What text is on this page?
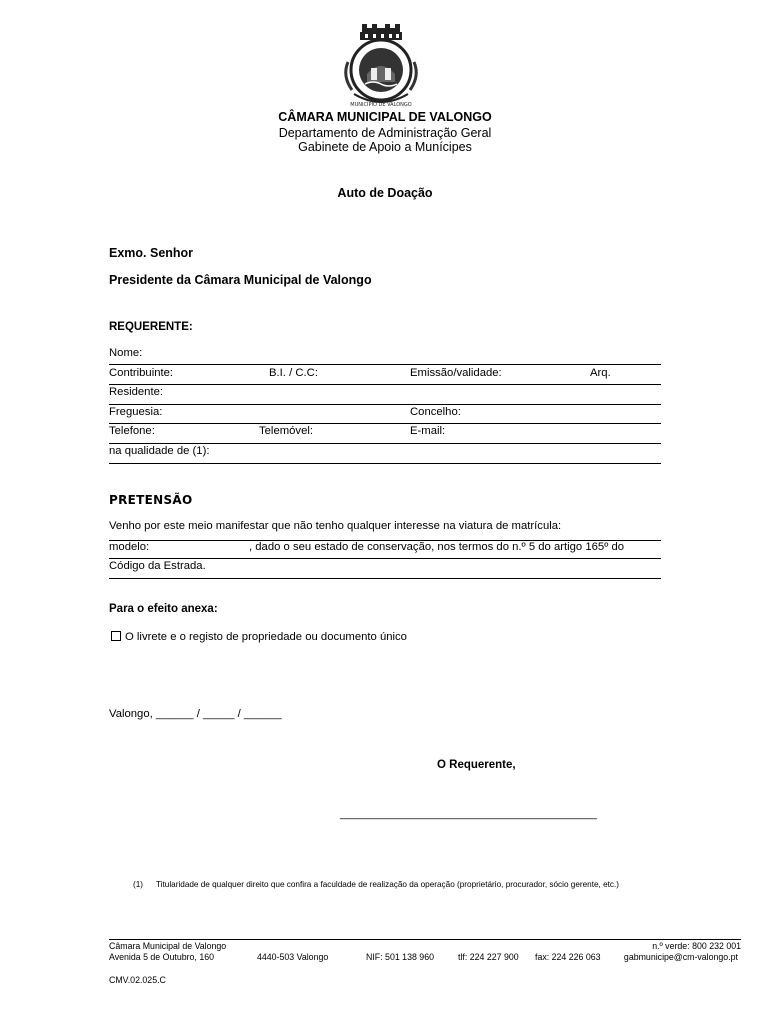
MUNICÍPIO DE VALONGO
CÂMARA MUNICIPAL DE VALONGO
Departamento de Administração Geral
Gabinete de Apoio a Munícipes
Auto de Doação
Exmo. Senhor
Presidente da Câmara Municipal de Valongo
REQUERENTE:
Nome:
Contribuinte:	B.I. / C.C:	Emissão/validade:	Arq.
Residente:
Freguesia:	Concelho:
Telefone:	Telemóvel:	E-mail:
na qualidade de (1):
PRETENSÃO
Venho por este meio manifestar que não tenho qualquer interesse na viatura de matrícula:
modelo:	, dado o seu estado de conservação, nos termos do n.º 5 do artigo 165º do
Código da Estrada.
Para o efeito anexa:
O livrete e o registo de propriedade ou documento único
Valongo, ______ / _____ / ______
O Requerente,
__________________________________________
(1) Titularidade de qualquer direito que confira a faculdade de realização da operação (proprietário, procurador, sócio gerente, etc.)
Câmara Municipal de Valongo
Avenida 5 de Outubro, 160	4440-503 Valongo	NIF: 501 138 960	tlf: 224 227 900 fax: 224 226 063
n.º verde: 800 232 001
gabmunicipe@cm-valongo.pt
CMV.02.025.C
